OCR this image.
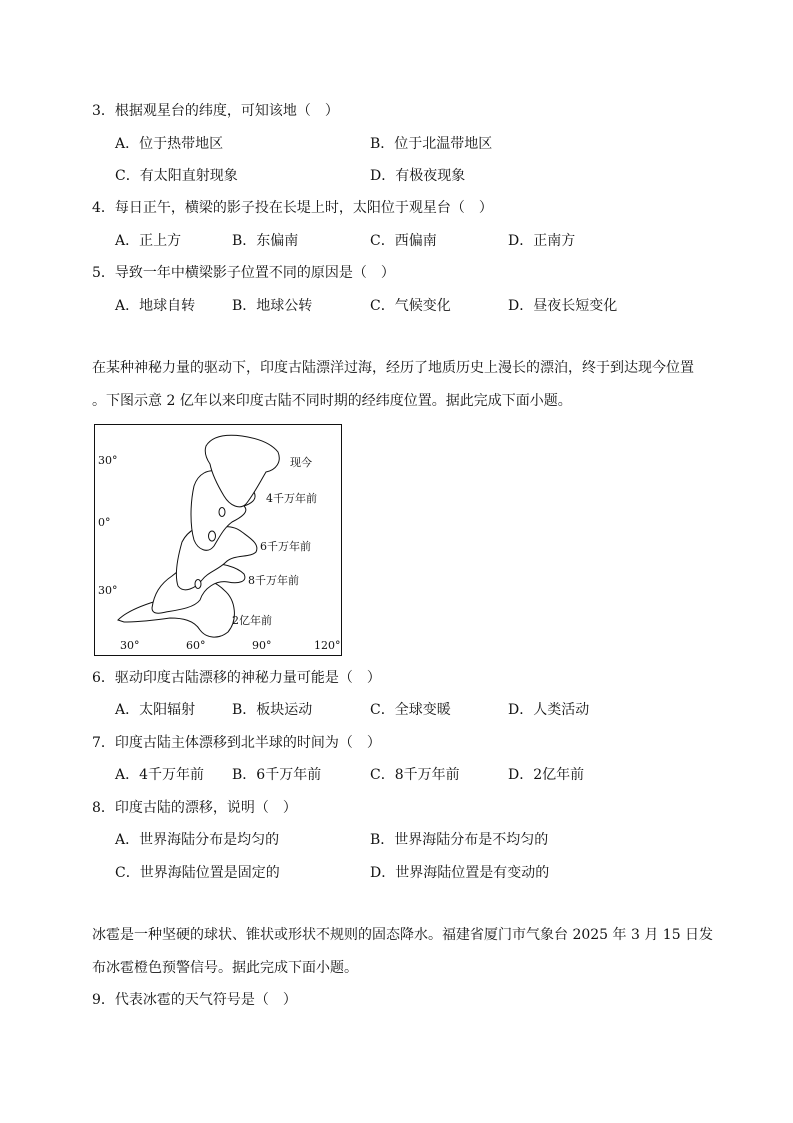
3．根据观星台的纬度，可知该地（　）
A．位于热带地区	B．位于北温带地区
C．有太阳直射现象	D．有极夜现象
4．每日正午，横梁的影子投在长堤上时，太阳位于观星台（　）
A．正上方	B．东偏南	C．西偏南	D．正南方
5．导致一年中横梁影子位置不同的原因是（　）
A．地球自转	B．地球公转	C．气候变化	D．昼夜长短变化
在某种神秘力量的驱动下，印度古陆漂洋过海，经历了地质历史上漫长的漂泊，终于到达现今位置
。下图示意 2 亿年以来印度古陆不同时期的经纬度位置。据此完成下面小题。
30°
0°
30°
30°	60°	90°	120°
现今
4千万年前
6千万年前
8千万年前
2亿年前
6．驱动印度古陆漂移的神秘力量可能是（　）
A．太阳辐射	B．板块运动	C．全球变暖	D．人类活动
7．印度古陆主体漂移到北半球的时间为（　）
A．4千万年前 B．6千万年前	C．8千万年前	D．2亿年前
8．印度古陆的漂移，说明（　）
A．世界海陆分布是均匀的	B．世界海陆分布是不均匀的
C．世界海陆位置是固定的	D．世界海陆位置是有变动的
冰雹是一种坚硬的球状、锥状或形状不规则的固态降水。福建省厦门市气象台 2025 年 3 月 15 日发
布冰雹橙色预警信号。据此完成下面小题。
9．代表冰雹的天气符号是（　）
